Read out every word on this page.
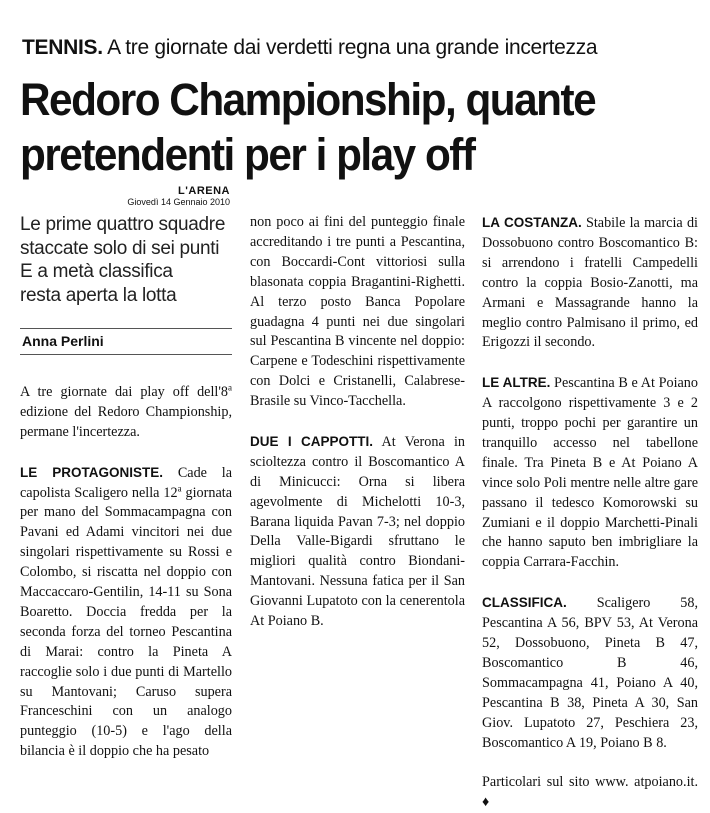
TENNIS. A tre giornate dai verdetti regna una grande incertezza
Redoro Championship, quante
pretendenti per i play off
L'ARENA
Giovedì 14 Gennaio 2010
Le prime quattro squadre
staccate solo di sei punti
E a metà classifica
resta aperta la lotta
Anna Perlini

A tre giornate dai play off dell'8$^a$ edizione del Redoro Championship, permane l'incertezza.

LE PROTAGONISTE. Cade la capolista Scaligero nella 12$^a$ giornata per mano del Sommacampagna con Pavani ed Adami vincitori nei due singolari rispettivamente su Rossi e Colombo, si riscatta nel doppio con Maccaccaro-Gentilin, 14-11 su Sona Boaretto. Doccia fredda per la seconda forza del torneo Pescantina di Marai: contro la Pineta A raccoglie solo i due punti di Martello su Mantovani; Caruso supera Franceschini con un analogo punteggio (10-5) e l'ago della bilancia è il doppio che ha pesato

non poco ai fini del punteggio finale accreditando i tre punti a Pescantina, con Boccardi-Cont vittoriosi sulla blasonata coppia Bragantini-Righetti. Al terzo posto Banca Popolare guadagna 4 punti nei due singolari sul Pescantina B vincente nel doppio: Carpene e Todeschini rispettivamente con Dolci e Cristanelli, Calabrese-Brasile su Vinco-Tacchella.

DUE I CAPPOTTI. At Verona in scioltezza contro il Boscomantico A di Minicucci: Orna si libera agevolmente di Michelotti 10-3, Barana liquida Pavan 7-3; nel doppio Della Valle-Bigardi sfruttano le migliori qualità contro Biondani-Mantovani. Nessuna fatica per il San Giovanni Lupatoto con la cenerentola At Poiano B.

LA COSTANZA. Stabile la marcia di Dossobuono contro Boscomantico B: si arrendono i fratelli Campedelli contro la coppia Bosio-Zanotti, ma Armani e Massagrande hanno la meglio contro Palmisano il primo, ed Erigozzi il secondo.

LE ALTRE. Pescantina B e At Poiano A raccolgono rispettivamente 3 e 2 punti, troppo pochi per garantire un tranquillo accesso nel tabellone finale. Tra Pineta B e At Poiano A vince solo Poli mentre nelle altre gare passano il tedesco Komorowski su Zumiani e il doppio Marchetti-Pinali che hanno saputo ben imbrigliare la coppia Carrara-Facchin.

CLASSIFICA. Scaligero 58, Pescantina A 56, BPV 53, At Verona 52, Dossobuono, Pineta B 47, Boscomantico B 46, Sommacampagna 41, Poiano A 40, Pescantina B 38, Pineta A 30, San Giov. Lupatoto 27, Peschiera 23, Boscomantico A 19, Poiano B 8.

Particolari sul sito www. atpoiano.it. ♦
